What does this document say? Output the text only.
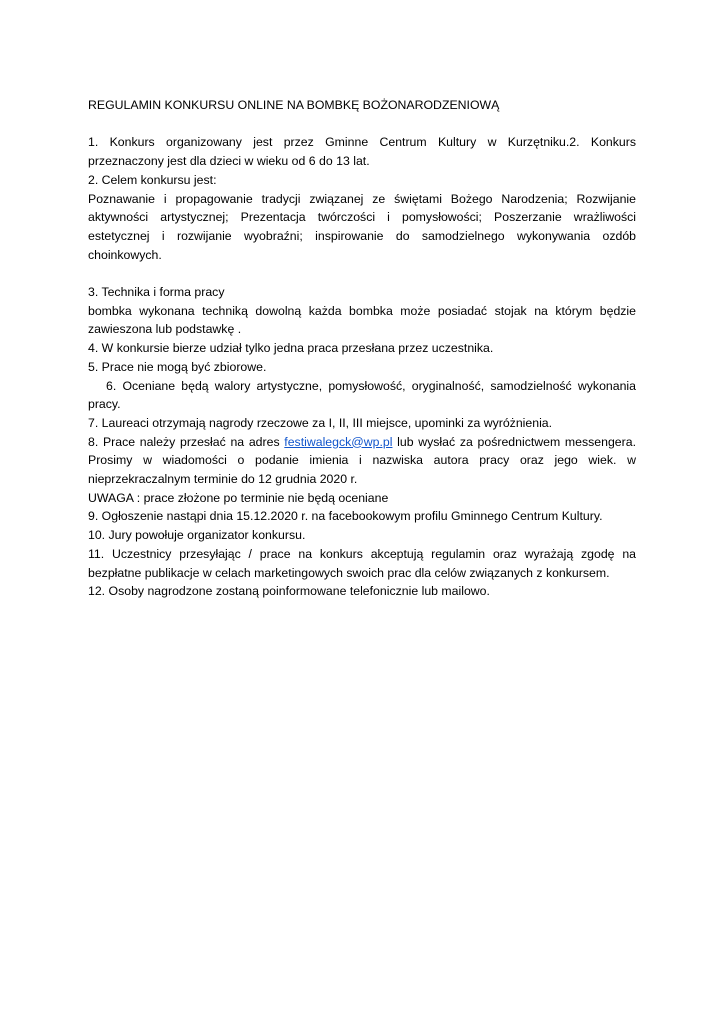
REGULAMIN KONKURSU ONLINE NA BOMBKĘ BOŻONARODZENIOWĄ

1. Konkurs organizowany jest przez Gminne Centrum Kultury w Kurzętniku.2. Konkurs przeznaczony jest dla dzieci w wieku od 6 do 13 lat.

2. Celem konkursu jest:

Poznawanie i propagowanie tradycji związanej ze świętami Bożego Narodzenia; Rozwijanie aktywności artystycznej; Prezentacja twórczości i pomysłowości; Poszerzanie wrażliwości estetycznej i rozwijanie wyobraźni; inspirowanie do samodzielnego wykonywania ozdób choinkowych.

3. Technika i forma pracy

bombka wykonana techniką dowolną każda bombka może posiadać stojak na którym będzie zawieszona lub podstawkę .

4. W konkursie bierze udział tylko jedna praca przesłana przez uczestnika.

5. Prace nie mogą być zbiorowe.

6. Oceniane będą walory artystyczne, pomysłowość, oryginalność, samodzielność wykonania pracy.

7. Laureaci otrzymają nagrody rzeczowe za I, II, III miejsce, upominki za wyróżnienia.

8. Prace należy przesłać na adres festiwalegck@wp.pl lub wysłać za pośrednictwem messengera. Prosimy w wiadomości o podanie imienia i nazwiska autora pracy oraz jego wiek. w nieprzekraczalnym terminie do 12 grudnia 2020 r.

UWAGA : prace złożone po terminie nie będą oceniane

9. Ogłoszenie nastąpi dnia 15.12.2020 r. na facebookowym profilu Gminnego Centrum Kultury.

10. Jury powołuje organizator konkursu.

11. Uczestnicy przesyłając / prace na konkurs akceptują regulamin oraz wyrażają zgodę na bezpłatne publikacje w celach marketingowych swoich prac dla celów związanych z konkursem.

12. Osoby nagrodzone zostaną poinformowane telefonicznie lub mailowo.
